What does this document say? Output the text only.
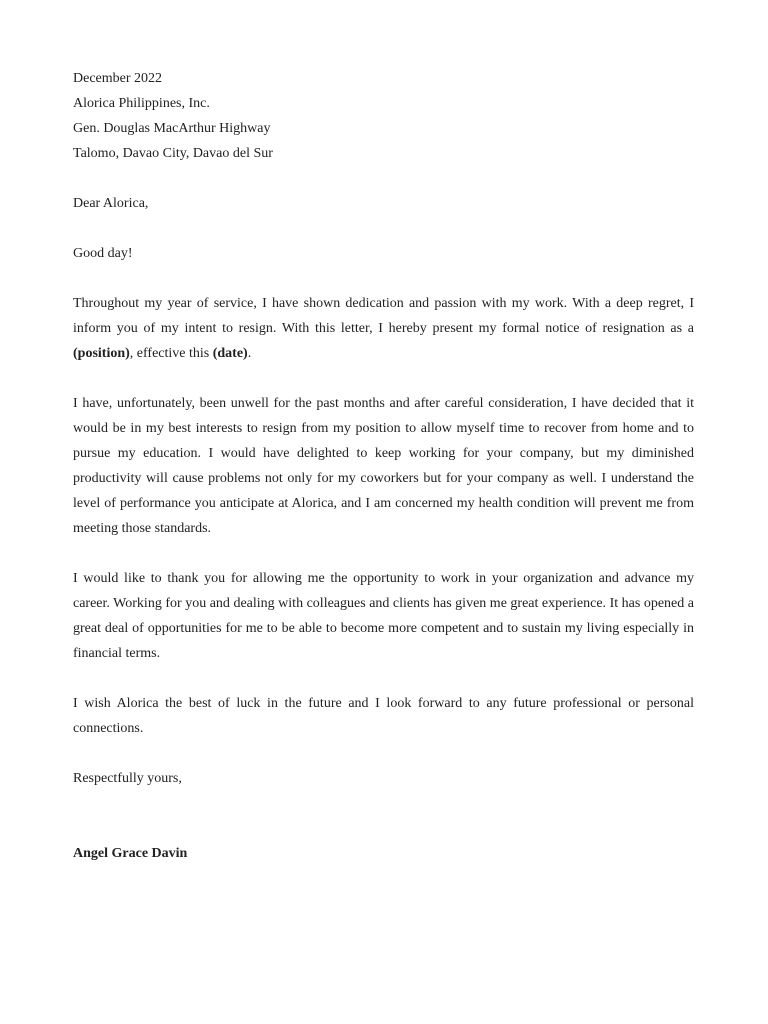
December 2022

Alorica Philippines, Inc.
Gen. Douglas MacArthur Highway
Talomo, Davao City, Davao del Sur

Dear Alorica,

Good day!

Throughout my year of service, I have shown dedication and passion with my work. With a deep regret, I inform you of my intent to resign. With this letter, I hereby present my formal notice of resignation as a (position), effective this (date).

I have, unfortunately, been unwell for the past months and after careful consideration, I have decided that it would be in my best interests to resign from my position to allow myself time to recover from home and to pursue my education. I would have delighted to keep working for your company, but my diminished productivity will cause problems not only for my coworkers but for your company as well. I understand the level of performance you anticipate at Alorica, and I am concerned my health condition will prevent me from meeting those standards.

I would like to thank you for allowing me the opportunity to work in your organization and advance my career. Working for you and dealing with colleagues and clients has given me great experience. It has opened a great deal of opportunities for me to be able to become more competent and to sustain my living especially in financial terms.

I wish Alorica the best of luck in the future and I look forward to any future professional or personal connections.

Respectfully yours,

Angel Grace Davin
